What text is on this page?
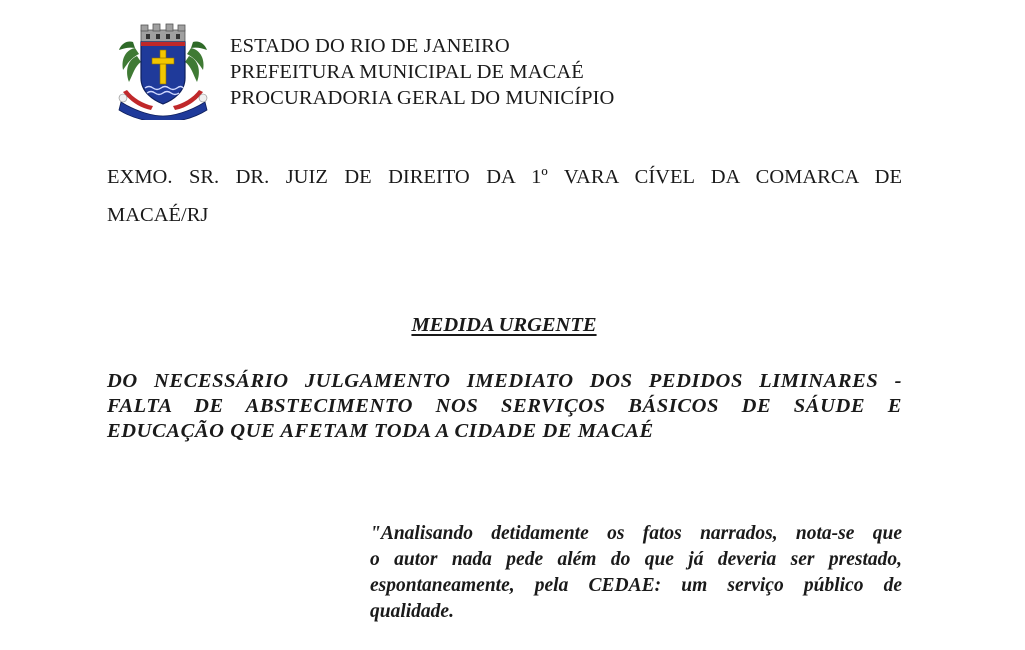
ESTADO DO RIO DE JANEIRO
PREFEITURA MUNICIPAL DE MACAÉ
PROCURADORIA GERAL DO MUNICÍPIO
EXMO. SR. DR. JUIZ DE DIREITO DA 1º VARA CÍVEL DA COMARCA DE
MACAÉ/RJ
MEDIDA URGENTE
DO NECESSÁRIO JULGAMENTO IMEDIATO DOS PEDIDOS LIMINARES -
FALTA DE ABSTECIMENTO NOS SERVIÇOS BÁSICOS DE SÁUDE E
EDUCAÇÃO QUE AFETAM TODA A CIDADE DE MACAÉ
"Analisando detidamente os fatos narrados, nota-se que
o autor nada pede além do que já deveria ser prestado,
espontaneamente, pela CEDAE: um serviço público de
qualidade.
